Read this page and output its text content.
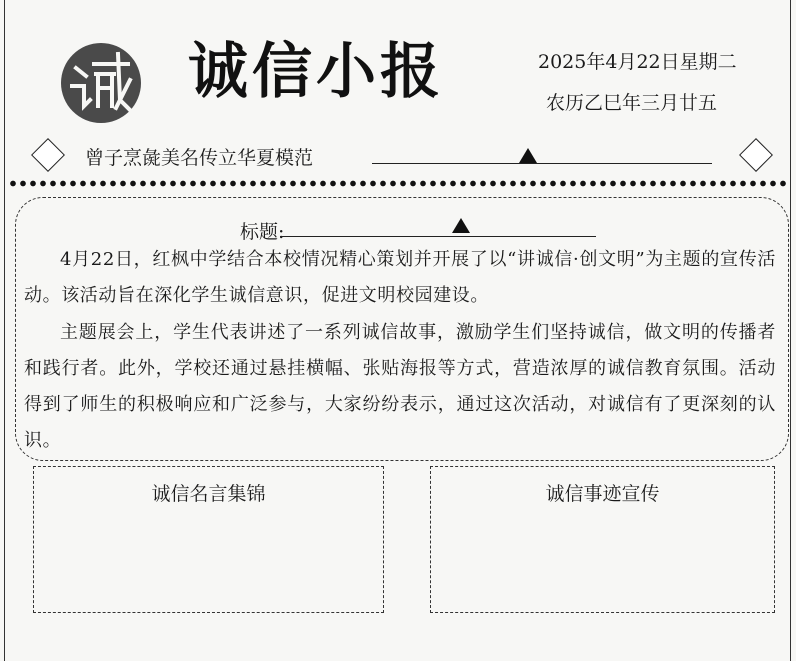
诚信小报	2025年4月22日星期二
农历乙巳年三月廿五
曾子烹彘美名传立华夏模范
标题:
4月22日，红枫中学结合本校情况精心策划并开展了以“讲诚信·创文明”为主题的宣传活动。该活动旨在深化学生诚信意识，促进文明校园建设。
主题展会上，学生代表讲述了一系列诚信故事，激励学生们坚持诚信，做文明的传播者和践行者。此外，学校还通过悬挂横幅、张贴海报等方式，营造浓厚的诚信教育氛围。活动得到了师生的积极响应和广泛参与，大家纷纷表示，通过这次活动，对诚信有了更深刻的认识。
诚信名言集锦	诚信事迹宣传
